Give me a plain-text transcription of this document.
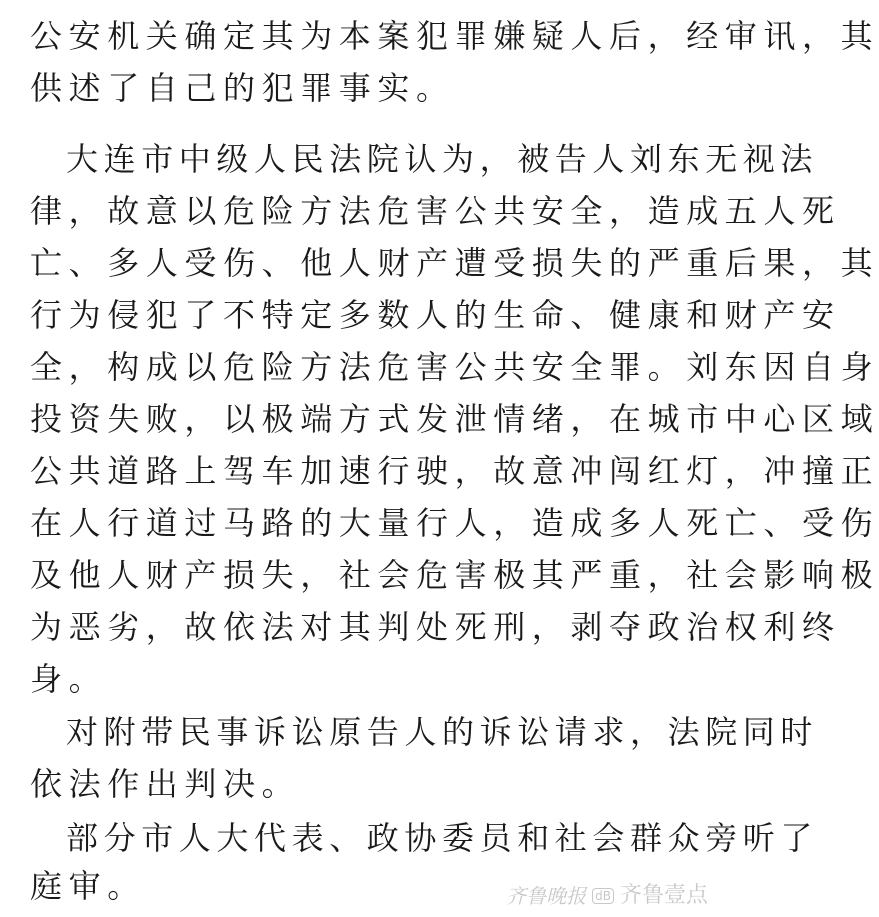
公安机关确定其为本案犯罪嫌疑人后，经审讯，其
供述了自己的犯罪事实。
大连市中级人民法院认为，被告人刘东无视法
律，故意以危险方法危害公共安全，造成五人死
亡、多人受伤、他人财产遭受损失的严重后果，其
行为侵犯了不特定多数人的生命、健康和财产安
全，构成以危险方法危害公共安全罪。刘东因自身
投资失败，以极端方式发泄情绪，在城市中心区域
公共道路上驾车加速行驶，故意冲闯红灯，冲撞正
在人行道过马路的大量行人，造成多人死亡、受伤
及他人财产损失，社会危害极其严重，社会影响极
为恶劣，故依法对其判处死刑，剥夺政治权利终
身。
对附带民事诉讼原告人的诉讼请求，法院同时
依法作出判决。
部分市人大代表、政协委员和社会群众旁听了
庭审。	齐鲁晚报 dB 齐鲁壹点
